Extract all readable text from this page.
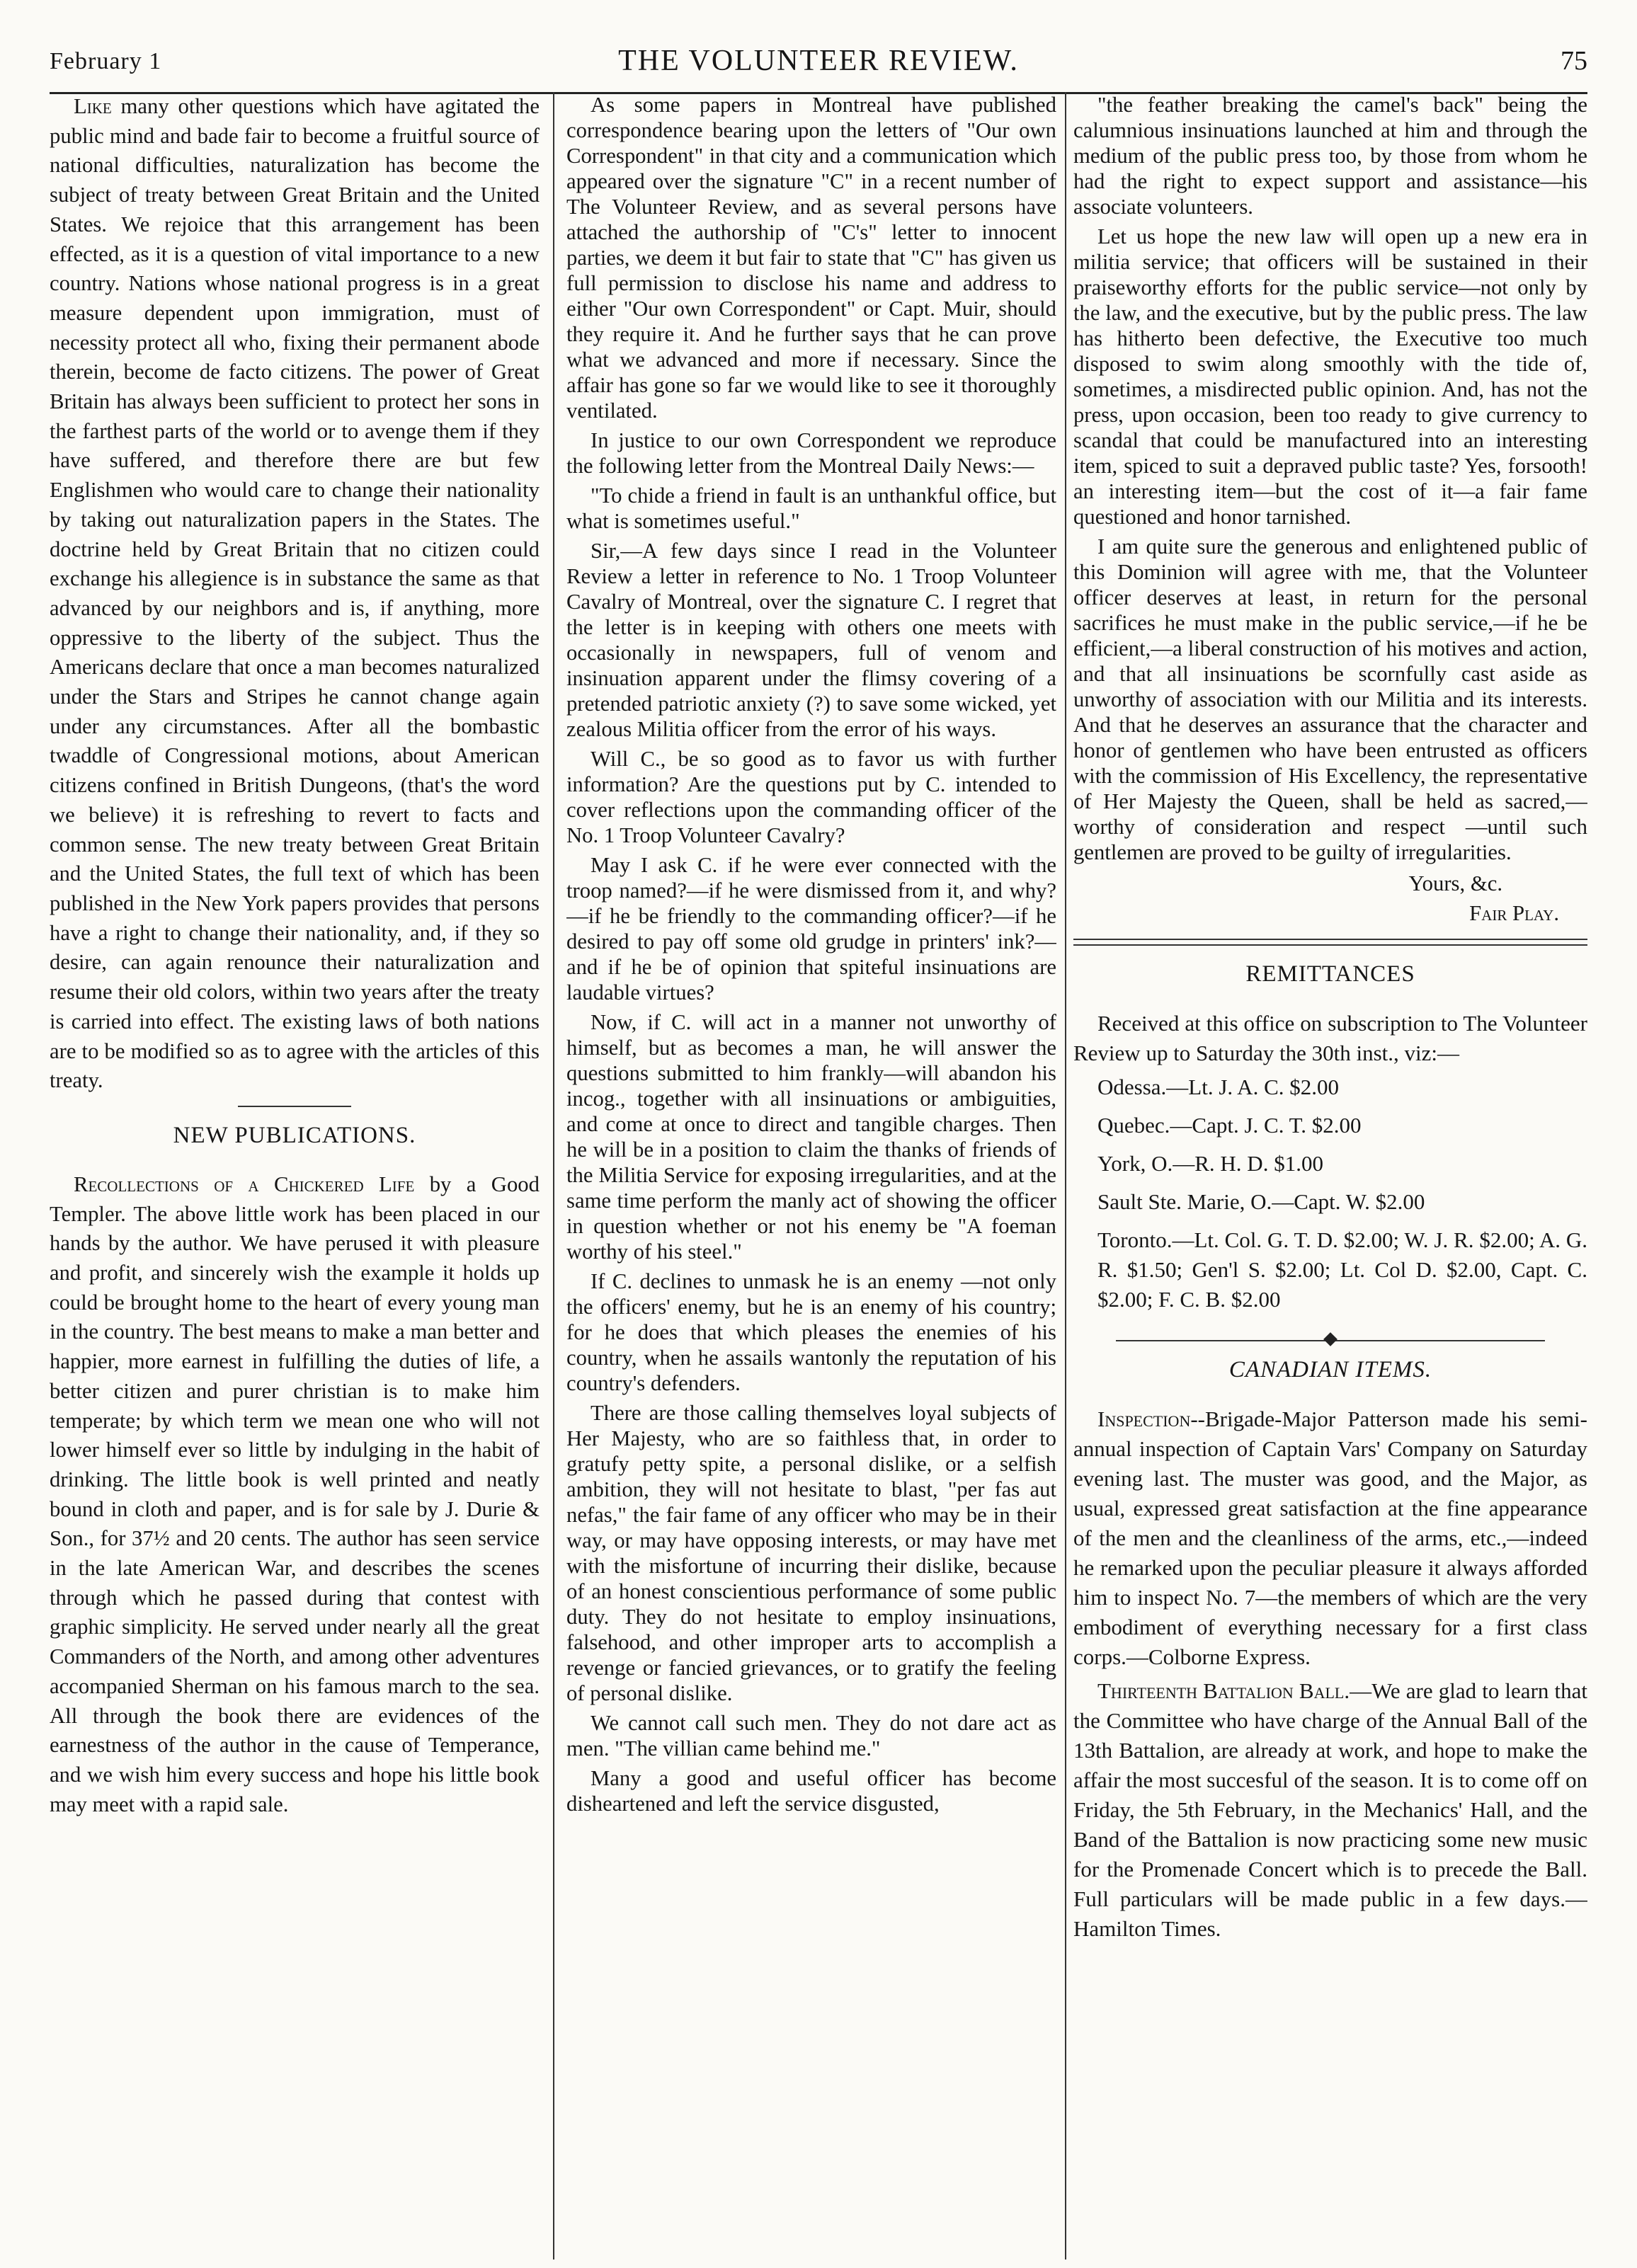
February 1	THE VOLUNTEER REVIEW.	75

Like many other questions which have agitated the public mind and bade fair to become a fruitful source of national difficulties, naturalization has become the subject of treaty between Great Britain and the United States. We rejoice that this arrangement has been effected, as it is a question of vital importance to a new country. Nations whose national progress is in a great measure dependent upon immigration, must of necessity protect all who, fixing their permanent abode therein, become de facto citizens. The power of Great Britain has always been sufficient to protect her sons in the farthest parts of the world or to avenge them if they have suffered, and therefore there are but few Englishmen who would care to change their nationality by taking out naturalization papers in the States. The doctrine held by Great Britain that no citizen could exchange his allegience is in substance the same as that advanced by our neighbors and is, if anything, more oppressive to the liberty of the subject. Thus the Americans declare that once a man becomes naturalized under the Stars and Stripes he cannot change again under any circumstances. After all the bombastic twaddle of Congressional motions, about American citizens confined in British Dungeons, (that's the word we believe) it is refreshing to revert to facts and common sense. The new treaty between Great Britain and the United States, the full text of which has been published in the New York papers provides that persons have a right to change their nationality, and, if they so desire, can again renounce their naturalization and resume their old colors, within two years after the treaty is carried into effect. The existing laws of both nations are to be modified so as to agree with the articles of this treaty.

NEW PUBLICATIONS.

Recollections of a Chickered Life by a Good Templer. The above little work has been placed in our hands by the author. We have perused it with pleasure and profit, and sincerely wish the example it holds up could be brought home to the heart of every young man in the country. The best means to make a man better and happier, more earnest in fulfilling the duties of life, a better citizen and purer christian is to make him temperate; by which term we mean one who will not lower himself ever so little by indulging in the habit of drinking. The little book is well printed and neatly bound in cloth and paper, and is for sale by J. Durie & Son., for 37½ and 20 cents. The author has seen service in the late American War, and describes the scenes through which he passed during that contest with graphic simplicity. He served under nearly all the great Commanders of the North, and among other adventures accompanied Sherman on his famous march to the sea. All through the book there are evidences of the earnestness of the author in the cause of Temperance, and we wish him every success and hope his little book may meet with a rapid sale.

As some papers in Montreal have published correspondence bearing upon the letters of "Our own Correspondent" in that city and a communication which appeared over the signature "C" in a recent number of The Volunteer Review, and as several persons have attached the authorship of "C's" letter to innocent parties, we deem it but fair to state that "C" has given us full permission to disclose his name and address to either "Our own Correspondent" or Capt. Muir, should they require it. And he further says that he can prove what we advanced and more if necessary. Since the affair has gone so far we would like to see it thoroughly ventilated.

In justice to our own Correspondent we reproduce the following letter from the Montreal Daily News:—

"To chide a friend in fault is an unthankful office, but what is sometimes useful."

Sir,—A few days since I read in the Volunteer Review a letter in reference to No. 1 Troop Volunteer Cavalry of Montreal, over the signature C. I regret that the letter is in keeping with others one meets with occasionally in newspapers, full of venom and insinuation apparent under the flimsy covering of a pretended patriotic anxiety (?) to save some wicked, yet zealous Militia officer from the error of his ways.

Will C., be so good as to favor us with further information? Are the questions put by C. intended to cover reflections upon the commanding officer of the No. 1 Troop Volunteer Cavalry?

May I ask C. if he were ever connected with the troop named?—if he were dismissed from it, and why?—if he be friendly to the commanding officer?—if he desired to pay off some old grudge in printers' ink?—and if he be of opinion that spiteful insinuations are laudable virtues?

Now, if C. will act in a manner not unworthy of himself, but as becomes a man, he will answer the questions submitted to him frankly—will abandon his incog., together with all insinuations or ambiguities, and come at once to direct and tangible charges. Then he will be in a position to claim the thanks of friends of the Militia Service for exposing irregularities, and at the same time perform the manly act of showing the officer in question whether or not his enemy be "A foeman worthy of his steel."

If C. declines to unmask he is an enemy —not only the officers' enemy, but he is an enemy of his country; for he does that which pleases the enemies of his country, when he assails wantonly the reputation of his country's defenders.

There are those calling themselves loyal subjects of Her Majesty, who are so faithless that, in order to gratufy petty spite, a personal dislike, or a selfish ambition, they will not hesitate to blast, "per fas aut nefas," the fair fame of any officer who may be in their way, or may have opposing interests, or may have met with the misfortune of incurring their dislike, because of an honest conscientious performance of some public duty. They do not hesitate to employ insinuations, falsehood, and other improper arts to accomplish a revenge or fancied grievances, or to gratify the feeling of personal dislike.

We cannot call such men. They do not dare act as men. "The villian came behind me."

Many a good and useful officer has become disheartened and left the service disgusted,

"the feather breaking the camel's back" being the calumnious insinuations launched at him and through the medium of the public press too, by those from whom he had the right to expect support and assistance—his associate volunteers.

Let us hope the new law will open up a new era in militia service; that officers will be sustained in their praiseworthy efforts for the public service—not only by the law, and the executive, but by the public press. The law has hitherto been defective, the Executive too much disposed to swim along smoothly with the tide of, sometimes, a misdirected public opinion. And, has not the press, upon occasion, been too ready to give currency to scandal that could be manufactured into an interesting item, spiced to suit a depraved public taste? Yes, forsooth! an interesting item—but the cost of it—a fair fame questioned and honor tarnished.

I am quite sure the generous and enlightened public of this Dominion will agree with me, that the Volunteer officer deserves at least, in return for the personal sacrifices he must make in the public service,—if he be efficient,—a liberal construction of his motives and action, and that all insinuations be scornfully cast aside as unworthy of association with our Militia and its interests. And that he deserves an assurance that the character and honor of gentlemen who have been entrusted as officers with the commission of His Excellency, the representative of Her Majesty the Queen, shall be held as sacred,—worthy of consideration and respect —until such gentlemen are proved to be guilty of irregularities.

Yours, &c.

Fair Play.

REMITTANCES

Received at this office on subscription to The Volunteer Review up to Saturday the 30th inst., viz:—

Odessa.—Lt. J. A. C. $2.00

Quebec.—Capt. J. C. T. $2.00

York, O.—R. H. D. $1.00

Sault Ste. Marie, O.—Capt. W. $2.00

Toronto.—Lt. Col. G. T. D. $2.00; W. J. R. $2.00; A. G. R. $1.50; Gen'l S. $2.00; Lt. Col D. $2.00, Capt. C. $2.00; F. C. B. $2.00

CANADIAN ITEMS.

Inspection--Brigade-Major Patterson made his semi-annual inspection of Captain Vars' Company on Saturday evening last. The muster was good, and the Major, as usual, expressed great satisfaction at the fine appearance of the men and the cleanliness of the arms, etc.,—indeed he remarked upon the peculiar pleasure it always afforded him to inspect No. 7—the members of which are the very embodiment of everything necessary for a first class corps.—Colborne Express.

Thirteenth Battalion Ball.—We are glad to learn that the Committee who have charge of the Annual Ball of the 13th Battalion, are already at work, and hope to make the affair the most succesful of the season. It is to come off on Friday, the 5th February, in the Mechanics' Hall, and the Band of the Battalion is now practicing some new music for the Promenade Concert which is to precede the Ball. Full particulars will be made public in a few days.—Hamilton Times.
